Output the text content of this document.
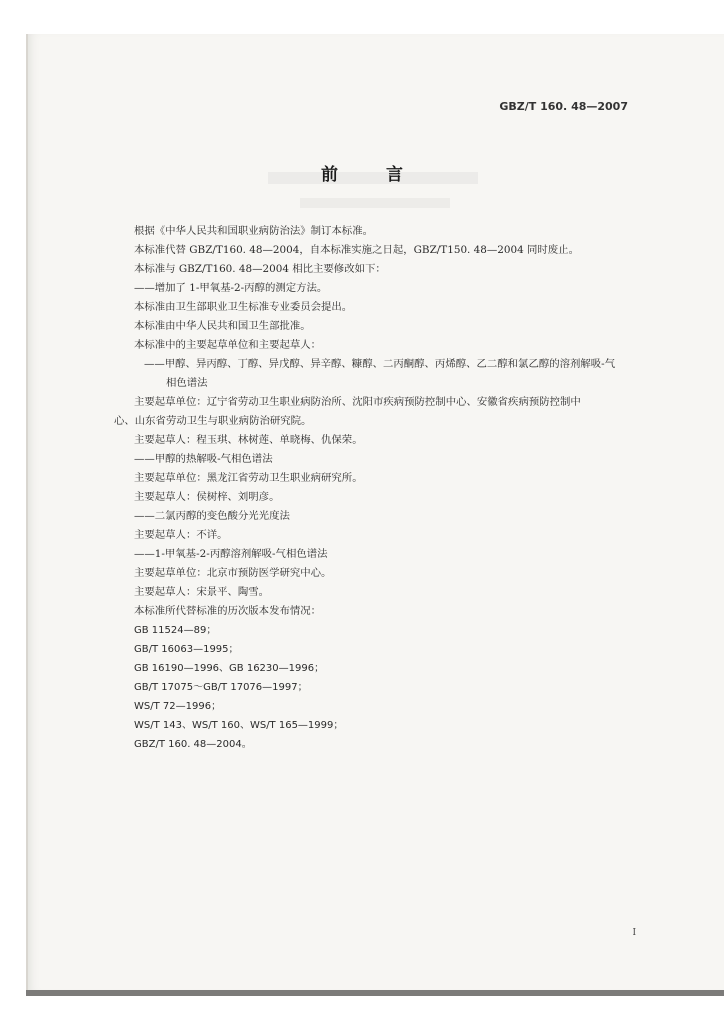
GBZ/T 160. 48—2007
前	言

根据《中华人民共和国职业病防治法》制订本标准。

本标准代替 GBZ/T160. 48—2004，自本标准实施之日起，GBZ/T150. 48—2004 同时废止。

本标准与 GBZ/T160. 48—2004 相比主要修改如下：

——增加了 1-甲氧基-2-丙醇的测定方法。

本标准由卫生部职业卫生标准专业委员会提出。

本标准由中华人民共和国卫生部批准。

本标准中的主要起草单位和主要起草人：

——甲醇、异丙醇、丁醇、异戊醇、异辛醇、糠醇、二丙酮醇、丙烯醇、乙二醇和氯乙醇的溶剂解吸-气

相色谱法

主要起草单位：辽宁省劳动卫生职业病防治所、沈阳市疾病预防控制中心、安徽省疾病预防控制中

心、山东省劳动卫生与职业病防治研究院。

主要起草人：程玉琪、林树莲、单晓梅、仇保荣。

——甲醇的热解吸-气相色谱法

主要起草单位：黑龙江省劳动卫生职业病研究所。

主要起草人：侯树梓、刘明彦。

——二氯丙醇的变色酸分光光度法

主要起草人：不详。

——1-甲氧基-2-丙醇溶剂解吸-气相色谱法

主要起草单位：北京市预防医学研究中心。

主要起草人：宋景平、陶雪。

本标准所代替标准的历次版本发布情况：

GB 11524—89；

GB/T 16063—1995；

GB 16190—1996、GB 16230—1996；

GB/T 17075～GB/T 17076—1997；

WS/T 72—1996；

WS/T 143、WS/T 160、WS/T 165—1999；

GBZ/T 160. 48—2004。

I
